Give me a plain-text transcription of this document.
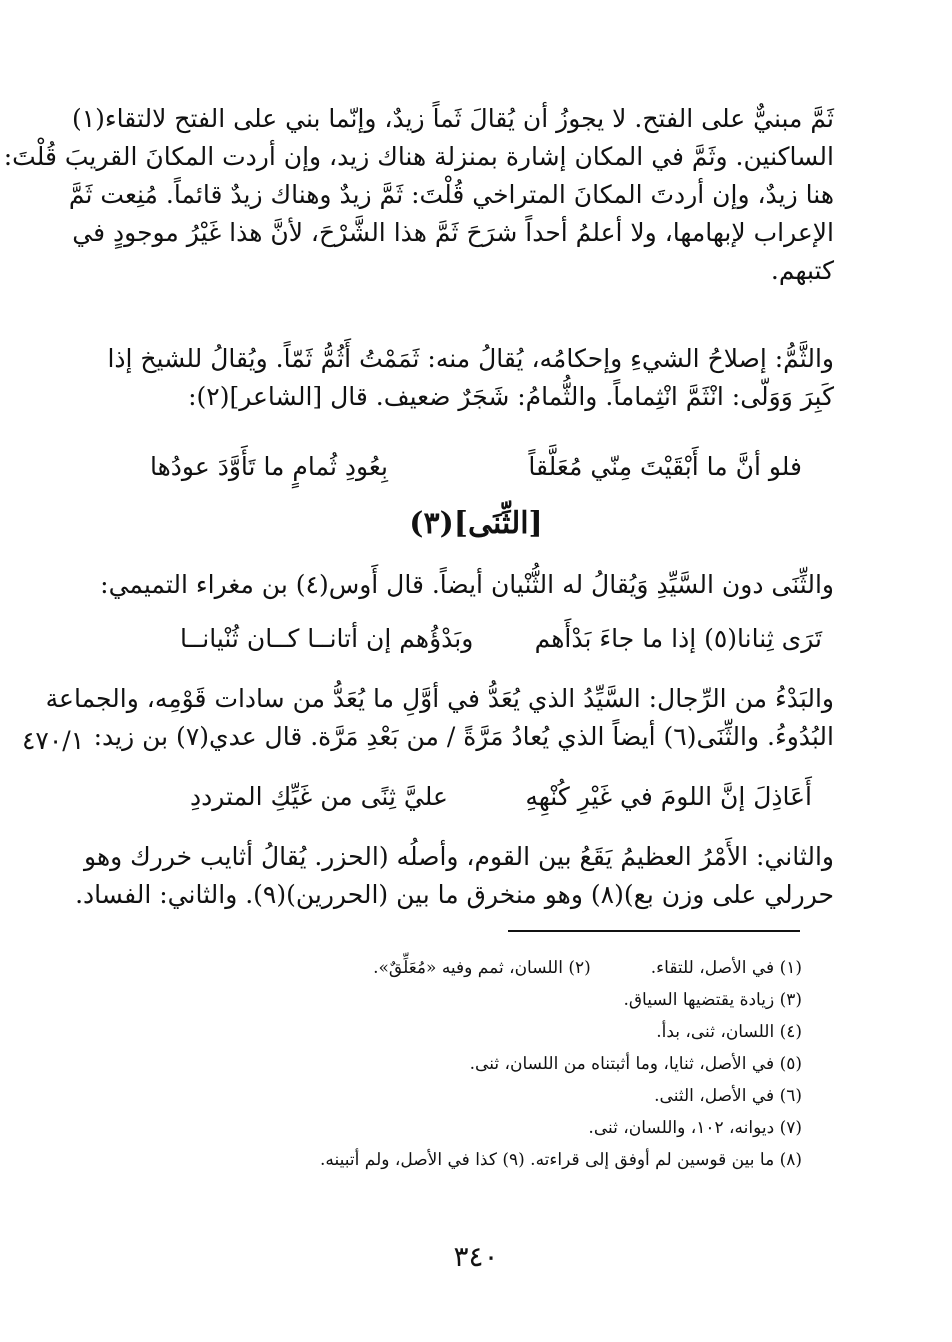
ثَمَّ مبنيٌّ على الفتح. لا يجوزُ أن يُقالَ ثَماً زيدٌ، وإنّما بني على الفتح لالتقاء(١)
الساكنين. وثَمَّ في المكان إشارة بمنزلة هناك زيد، وإن أردت المكانَ القريبَ قُلْتَ:
هنا زيدٌ، وإن أردتَ المكانَ المتراخي قُلْتَ: ثَمَّ زيدٌ وهناك زيدٌ قائماً. مُنِعت ثَمَّ
الإعراب لإبهامها، ولا أعلمُ أحداً شرَحَ ثَمَّ هذا الشَّرْحَ، لأنَّ هذا غَيْرُ موجودٍ في
كتبهم.
والثَّمُّ: إصلاحُ الشيءِ وإحكامُه، يُقالُ منه: ثَمَمْتُ أَثُمُّ ثَمّاً. ويُقالُ للشيخ إذا
كَبِرَ وَوَلّى: انْثَمَّ انْثِماماً. والثُّمامُ: شَجَرٌ ضعيف. قال [الشاعر](٢):
فلو أنَّ ما أَبْقَيْتَ مِنّي مُعَلَّقاً
بِعُودِ ثُمامٍ ما تَأَوَّدَ عودُها
[الثِّنَى](٣)
والثِّنَى دون السَّيِّدِ وَيُقالُ له الثُّنْيان أيضاً. قال أَوس(٤) بن مغراء التميمي:
تَرَى ثِنانا(٥) إذا ما جاءَ بَدْأَهم
وبَدْؤُهم إن أتانــا كــان ثُنْيانــا
والبَدْءُ من الرِّجال: السَّيِّدُ الذي يُعَدُّ في أوَّلِ ما يُعَدُّ من سادات قَوْمِه، والجماعة
البُدُوءُ. والثِّنَى(٦) أيضاً الذي يُعادُ مَرَّةً / من بَعْدِ مَرَّة. قال عدي(٧) بن زيد:
٤٧٠/١
أَعَاذِلَ إنَّ اللومَ في غَيْرِ كُنْهِهِ
عليَّ ثِنًى من غَيِّكِ المترددِ
والثاني: الأَمْرُ العظيمُ يَقَعُ بين القوم، وأصلُه (الحزر. يُقالُ أثايب خررك وهو
حررلي على وزن بع)(٨) وهو منخرق ما بين (الحررين)(٩). والثاني: الفساد.
(١) في الأصل، للتقاء.
(٢) اللسان، ثمم وفيه «مُعَلِّقٌ».
(٣) زيادة يقتضيها السياق.
(٤) اللسان، ثنى، بدأ.
(٥) في الأصل، ثنايا، وما أثبتناه من اللسان، ثنى.
(٦) في الأصل، الثنى.
(٧) ديوانه، ١٠٢، واللسان، ثنى.
(٨) ما بين قوسين لم أوفق إلى قراءته. (٩) كذا في الأصل، ولم أتبينه.
٣٤٠
